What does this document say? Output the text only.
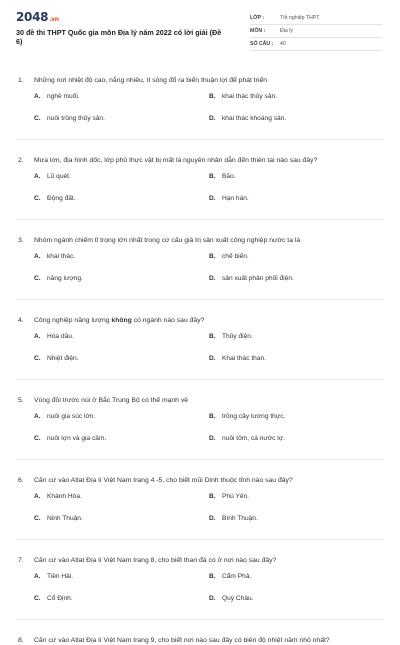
2048.vn
30 đề thi THPT Quốc gia môn Địa lý năm 2022 có lời giải (Đề 6)
LỚP :	Tốt nghiệp THPT
MÔN :	Địa lý
SỐ CÂU :	40
1.	Những nơi nhiệt độ cao, nắng nhiều, ít sông đổ ra biển thuận lợi để phát triển
A. nghề muối.	B. khai thác thủy sản.
C. nuôi trồng thủy sản.	D. khai thác khoáng sản.
2.	Mưa lớn, địa hình dốc, lớp phủ thực vật bị mất là nguyên nhân dẫn đến thiên tai nào sau đây?
A. Lũ quét.	B. Bão.
C. Động đất.	D. Hạn hán.
3.	Nhóm ngành chiếm tỉ trọng lớn nhất trong cơ cấu giá trị sản xuất công nghiệp nước ta là
A. khai thác.	B. chế biến.
C. năng lượng.	D. sản xuất phân phối điện.
4.	Công nghiệp năng lượng không có ngành nào sau đây?
A. Hóa dầu.	B. Thủy điện.
C. Nhiệt điện.	D. Khai thác than.
5.	Vùng đồi trước núi ở Bắc Trung Bộ có thế mạnh về
A. nuôi gia súc lớn.	B. trồng cây lương thực.
C. nuôi lợn và gia cầm.	D. nuôi tôm, cá nước lợ.
6.	Căn cứ vào Atlat Địa lí Việt Nam trang 4 -5, cho biết mũi Dinh thuộc tỉnh nào sau đây?
A. Khánh Hòa.	B. Phú Yên.
C. Ninh Thuận.	D. Bình Thuận.
7.	Căn cứ vào Atlat Địa lí Việt Nam trang 8, cho biết than đá có ở nơi nào sau đây?
A. Tiền Hải.	B. Cẩm Phả.
C. Cổ Định.	D. Quỳ Châu.
8.	Căn cứ vào Atlat Địa lí Việt Nam trang 9, cho biết nơi nào sau đây có biên độ nhiệt năm nhỏ nhất?
